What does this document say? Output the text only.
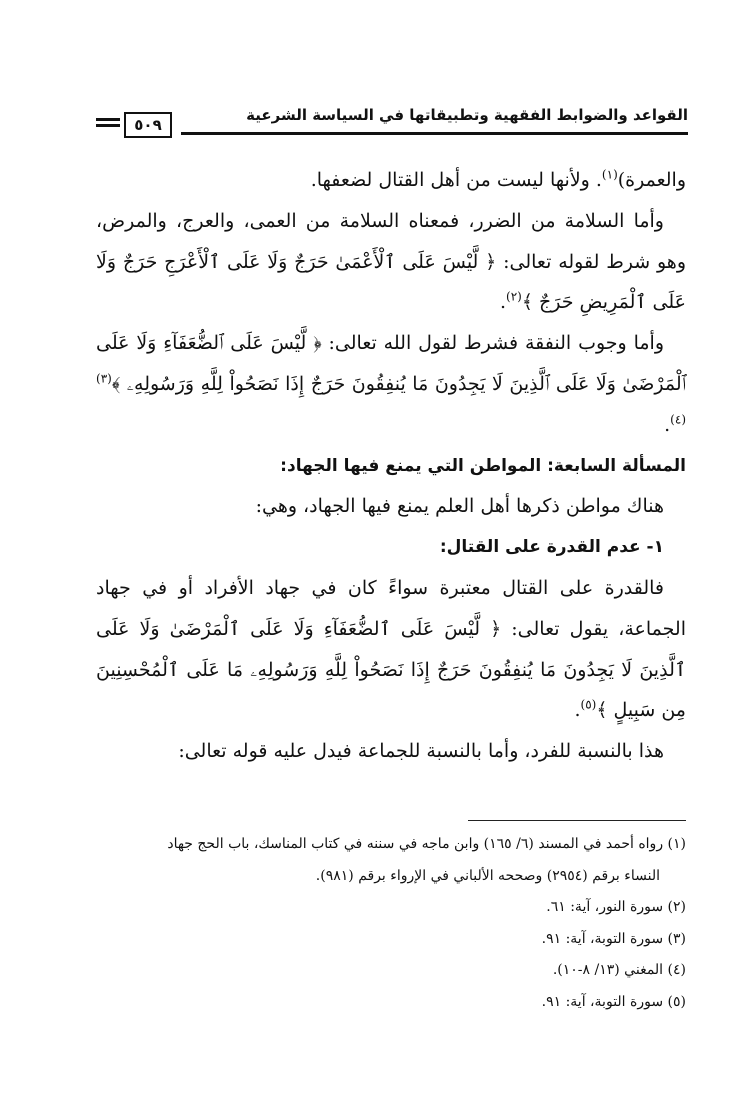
٥٠٩
القواعد والضوابط الفقهية وتطبيقاتها في السياسة الشرعية

والعمرة)$^{(١)}$. ولأنها ليست من أهل القتال لضعفها.

وأما السلامة من الضرر، فمعناه السلامة من العمى، والعرج، والمرض، وهو شرط لقوله تعالى: ﴿ لَّيْسَ عَلَى ٱلْأَعْمَىٰ حَرَجٌ وَلَا عَلَى ٱلْأَعْرَجِ حَرَجٌ وَلَا عَلَى ٱلْمَرِيضِ حَرَجٌ ﴾$^{(٢)}$.

وأما وجوب النفقة فشرط لقول الله تعالى: ﴿ لَّيْسَ عَلَى ٱلضُّعَفَآءِ وَلَا عَلَى ٱلْمَرْضَىٰ وَلَا عَلَى ٱلَّذِينَ لَا يَجِدُونَ مَا يُنفِقُونَ حَرَجٌ إِذَا نَصَحُواْ لِلَّهِ وَرَسُولِهِۦ ﴾$^{(٣)(٤)}$.

المسألة السابعة: المواطن التي يمنع فيها الجهاد:

هناك مواطن ذكرها أهل العلم يمنع فيها الجهاد، وهي:

١- عدم القدرة على القتال:

فالقدرة على القتال معتبرة سواءً كان في جهاد الأفراد أو في جهاد الجماعة، يقول تعالى: ﴿ لَّيْسَ عَلَى ٱلضُّعَفَآءِ وَلَا عَلَى ٱلْمَرْضَىٰ وَلَا عَلَى ٱلَّذِينَ لَا يَجِدُونَ مَا يُنفِقُونَ حَرَجٌ إِذَا نَصَحُواْ لِلَّهِ وَرَسُولِهِۦ مَا عَلَى ٱلْمُحْسِنِينَ مِن سَبِيلٍ ﴾$^{(٥)}$.

هذا بالنسبة للفرد، وأما بالنسبة للجماعة فيدل عليه قوله تعالى:

(١) رواه أحمد في المسند (٦/ ١٦٥) وابن ماجه في سننه في كتاب المناسك، باب الحج جهاد

النساء برقم (٢٩٥٤) وصححه الألباني في الإرواء برقم (٩٨١).

(٢) سورة النور، آية: ٦١.

(٣) سورة التوبة، آية: ٩١.

(٤) المغني (١٣/ ٨-١٠).

(٥) سورة التوبة، آية: ٩١.
